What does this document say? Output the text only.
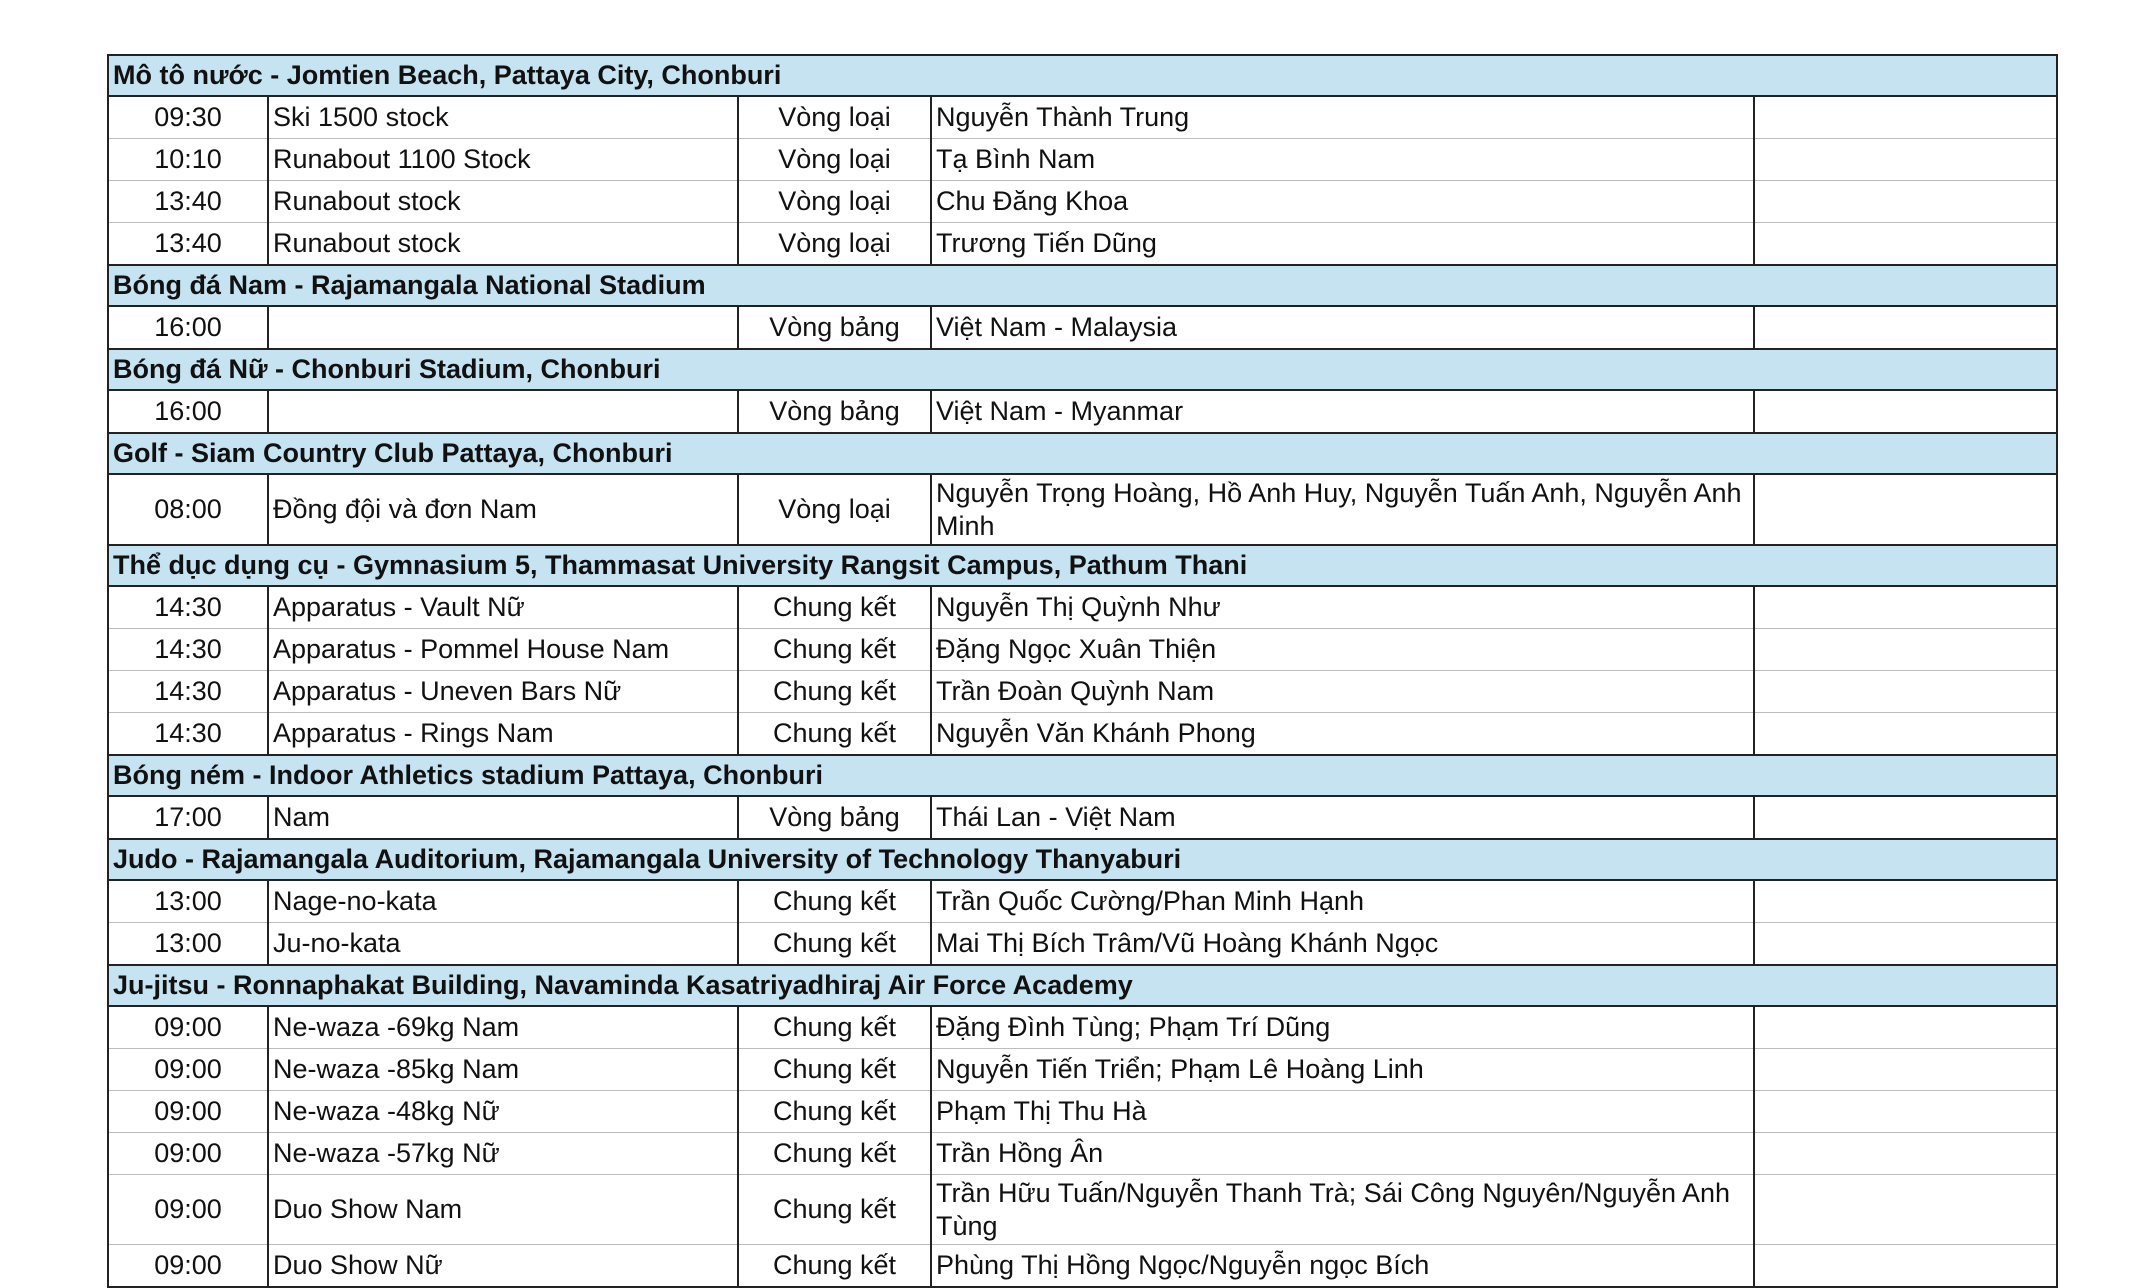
Mô tô nước - Jomtien Beach, Pattaya City, Chonburi				
09:30	Ski 1500 stock	Vòng loại	Nguyễn Thành Trung	
10:10	Runabout 1100 Stock	Vòng loại	Tạ Bình Nam	
13:40	Runabout stock	Vòng loại	Chu Đăng Khoa	
13:40	Runabout stock	Vòng loại	Trương Tiến Dũng	
Bóng đá Nam - Rajamangala National Stadium				
16:00		Vòng bảng	Việt Nam - Malaysia	
Bóng đá Nữ - Chonburi Stadium, Chonburi				
16:00		Vòng bảng	Việt Nam - Myanmar	
Golf - Siam Country Club Pattaya, Chonburi				
08:00	Đồng đội và đơn Nam	Vòng loại	Nguyễn Trọng Hoàng, Hồ Anh Huy, Nguyễn Tuấn Anh, Nguyễn Anh Minh	
Thể dục dụng cụ - Gymnasium 5, Thammasat University Rangsit Campus, Pathum Thani				
14:30	Apparatus - Vault Nữ	Chung kết	Nguyễn Thị Quỳnh Như	
14:30	Apparatus - Pommel House Nam	Chung kết	Đặng Ngọc Xuân Thiện	
14:30	Apparatus - Uneven Bars Nữ	Chung kết	Trần Đoàn Quỳnh Nam	
14:30	Apparatus - Rings Nam	Chung kết	Nguyễn Văn Khánh Phong	
Bóng ném - Indoor Athletics stadium Pattaya, Chonburi				
17:00	Nam	Vòng bảng	Thái Lan - Việt Nam	
Judo - Rajamangala Auditorium, Rajamangala University of Technology Thanyaburi				
13:00	Nage-no-kata	Chung kết	Trần Quốc Cường/Phan Minh Hạnh	
13:00	Ju-no-kata	Chung kết	Mai Thị Bích Trâm/Vũ Hoàng Khánh Ngọc	
Ju-jitsu - Ronnaphakat Building, Navaminda Kasatriyadhiraj Air Force Academy				
09:00	Ne-waza -69kg Nam	Chung kết	Đặng Đình Tùng; Phạm Trí Dũng	
09:00	Ne-waza -85kg Nam	Chung kết	Nguyễn Tiến Triển; Phạm Lê Hoàng Linh	
09:00	Ne-waza -48kg Nữ	Chung kết	Phạm Thị Thu Hà	
09:00	Ne-waza -57kg Nữ	Chung kết	Trần Hồng Ân	
09:00	Duo Show Nam	Chung kết	Trần Hữu Tuấn/Nguyễn Thanh Trà; Sái Công Nguyên/Nguyễn Anh Tùng	
09:00	Duo Show Nữ	Chung kết	Phùng Thị Hồng Ngọc/Nguyễn ngọc Bích	
